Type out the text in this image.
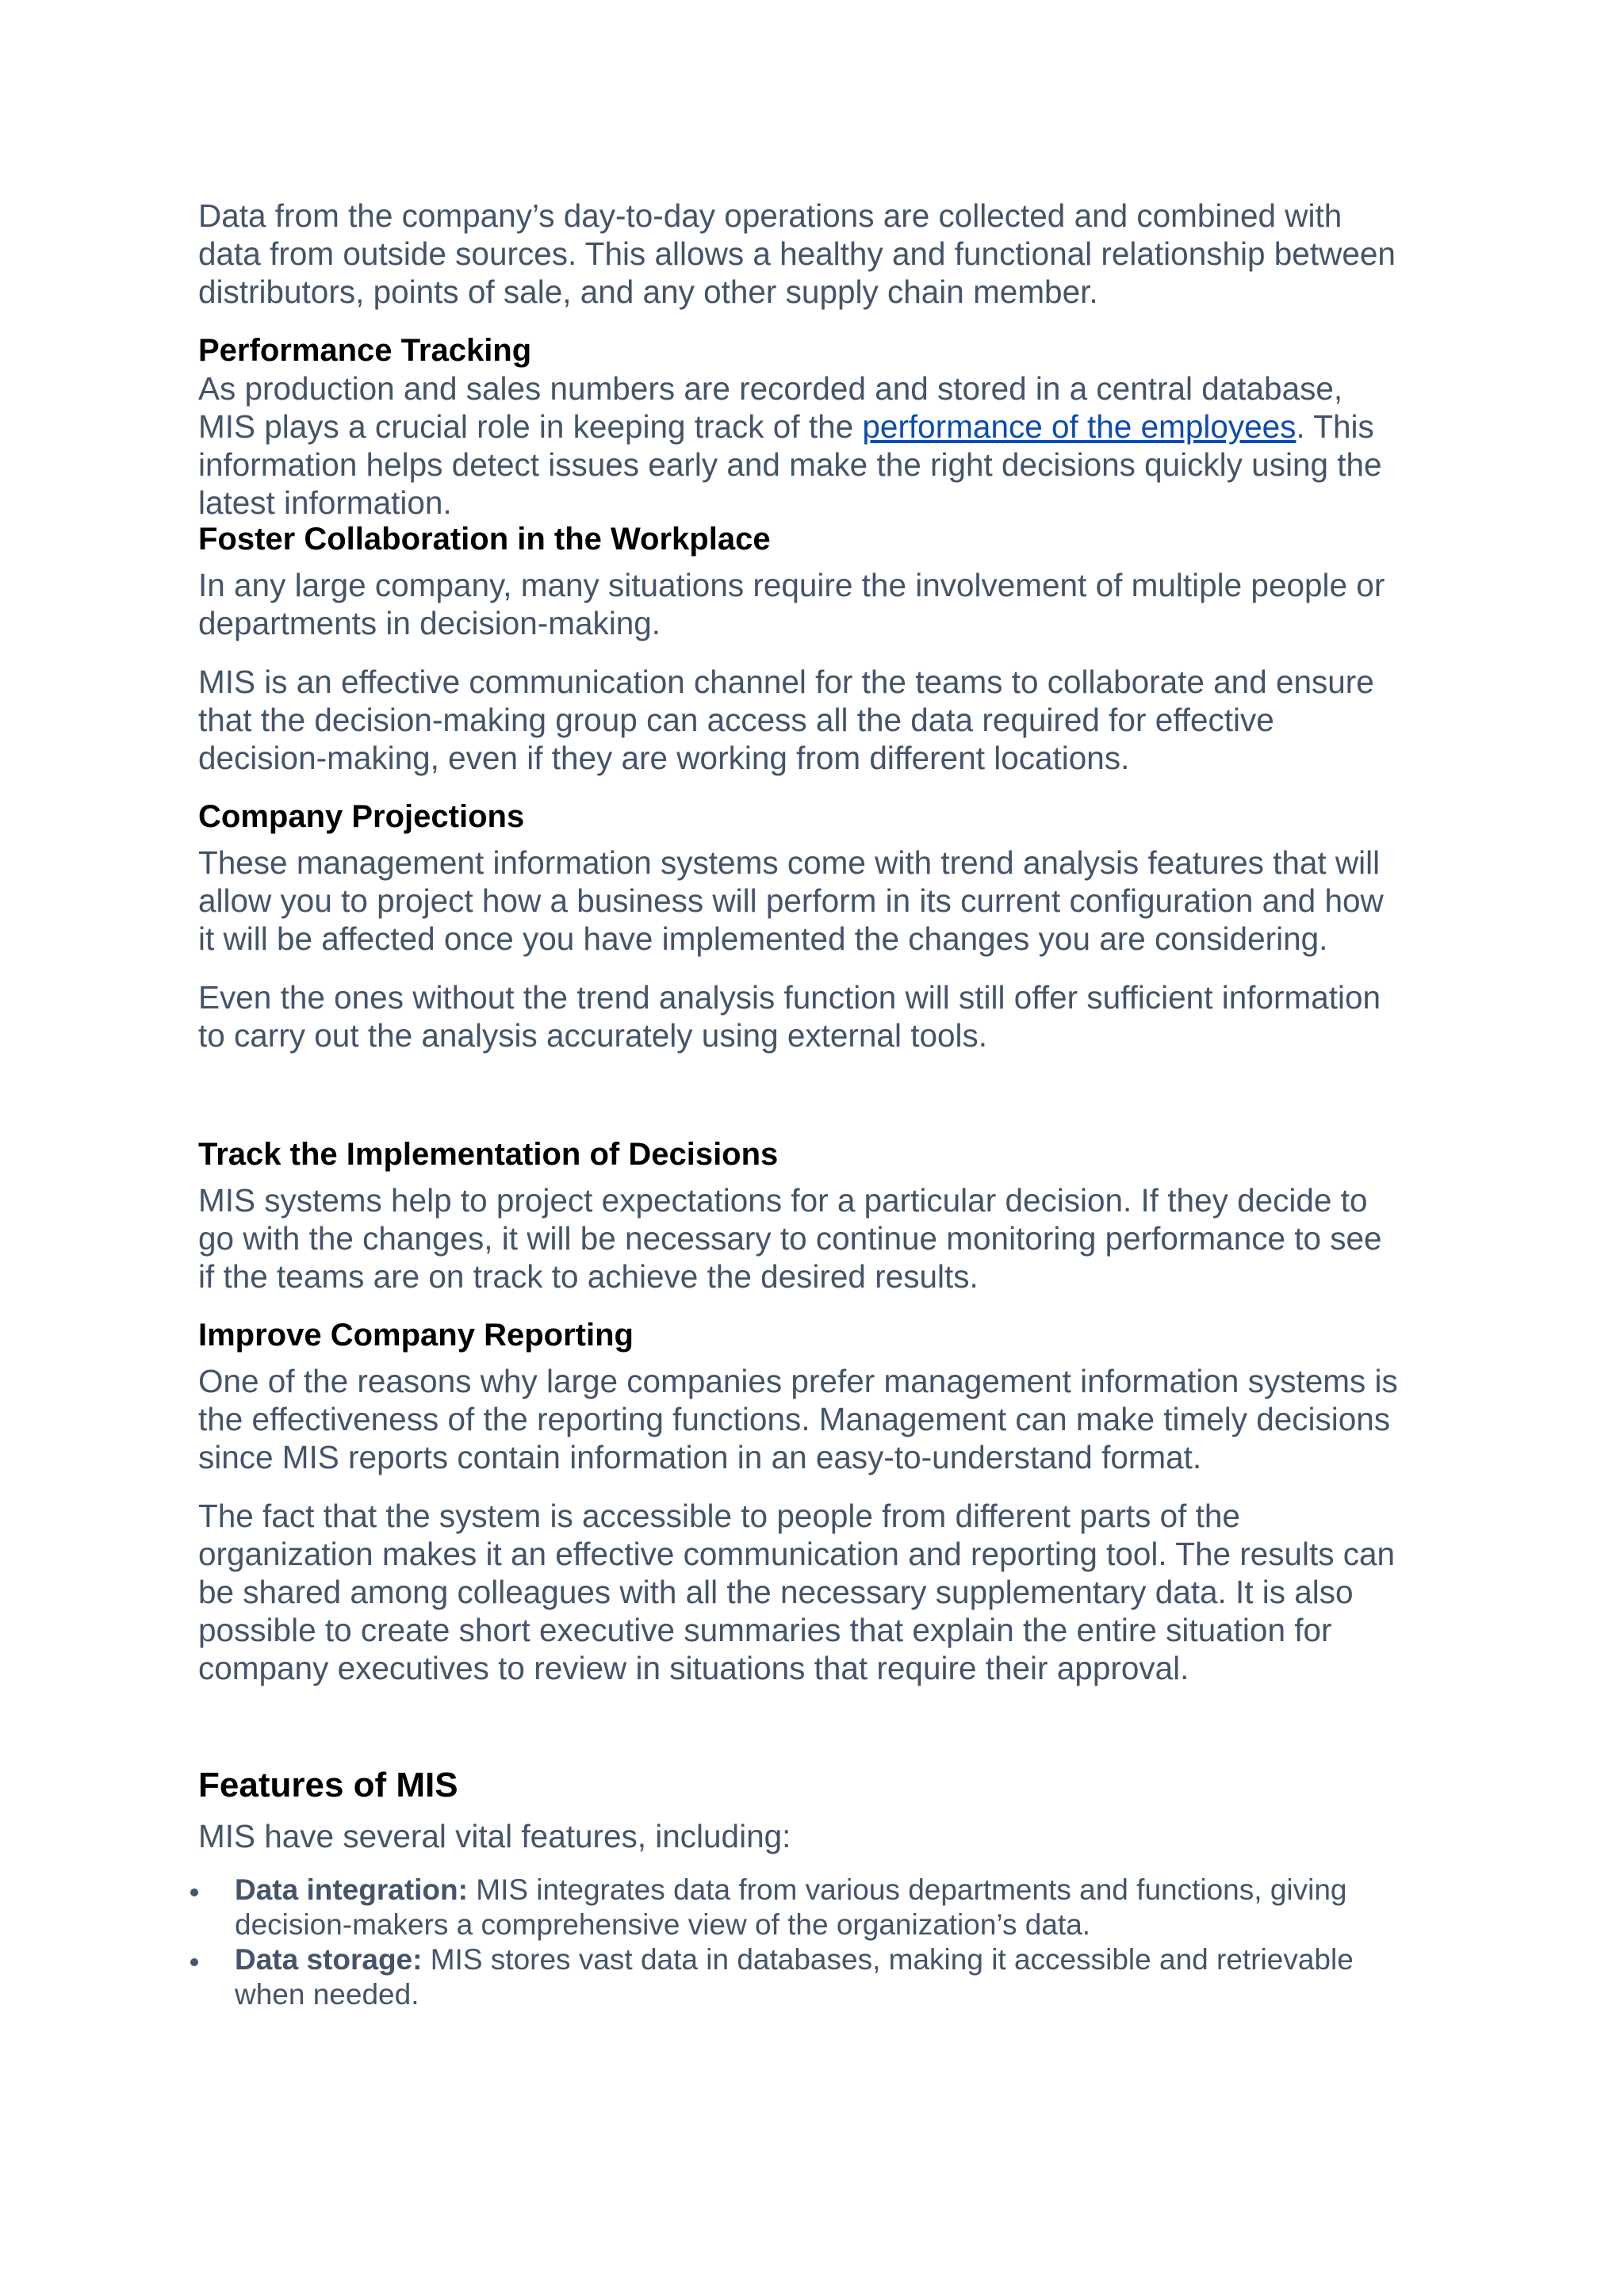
Data from the company’s day-to-day operations are collected and combined with
data from outside sources. This allows a healthy and functional relationship between
distributors, points of sale, and any other supply chain member.

Performance Tracking

As production and sales numbers are recorded and stored in a central database,
MIS plays a crucial role in keeping track of the performance of the employees. This
information helps detect issues early and make the right decisions quickly using the
latest information.

Foster Collaboration in the Workplace

In any large company, many situations require the involvement of multiple people or
departments in decision-making.

MIS is an effective communication channel for the teams to collaborate and ensure
that the decision-making group can access all the data required for effective
decision-making, even if they are working from different locations.

Company Projections

These management information systems come with trend analysis features that will
allow you to project how a business will perform in its current configuration and how
it will be affected once you have implemented the changes you are considering.

Even the ones without the trend analysis function will still offer sufficient information
to carry out the analysis accurately using external tools.

Track the Implementation of Decisions

MIS systems help to project expectations for a particular decision. If they decide to
go with the changes, it will be necessary to continue monitoring performance to see
if the teams are on track to achieve the desired results.

Improve Company Reporting

One of the reasons why large companies prefer management information systems is
the effectiveness of the reporting functions. Management can make timely decisions
since MIS reports contain information in an easy-to-understand format.

The fact that the system is accessible to people from different parts of the
organization makes it an effective communication and reporting tool. The results can
be shared among colleagues with all the necessary supplementary data. It is also
possible to create short executive summaries that explain the entire situation for
company executives to review in situations that require their approval.

Features of MIS

MIS have several vital features, including:

Data integration: MIS integrates data from various departments and functions, giving
decision-makers a comprehensive view of the organization’s data.
Data storage: MIS stores vast data in databases, making it accessible and retrievable
when needed.
